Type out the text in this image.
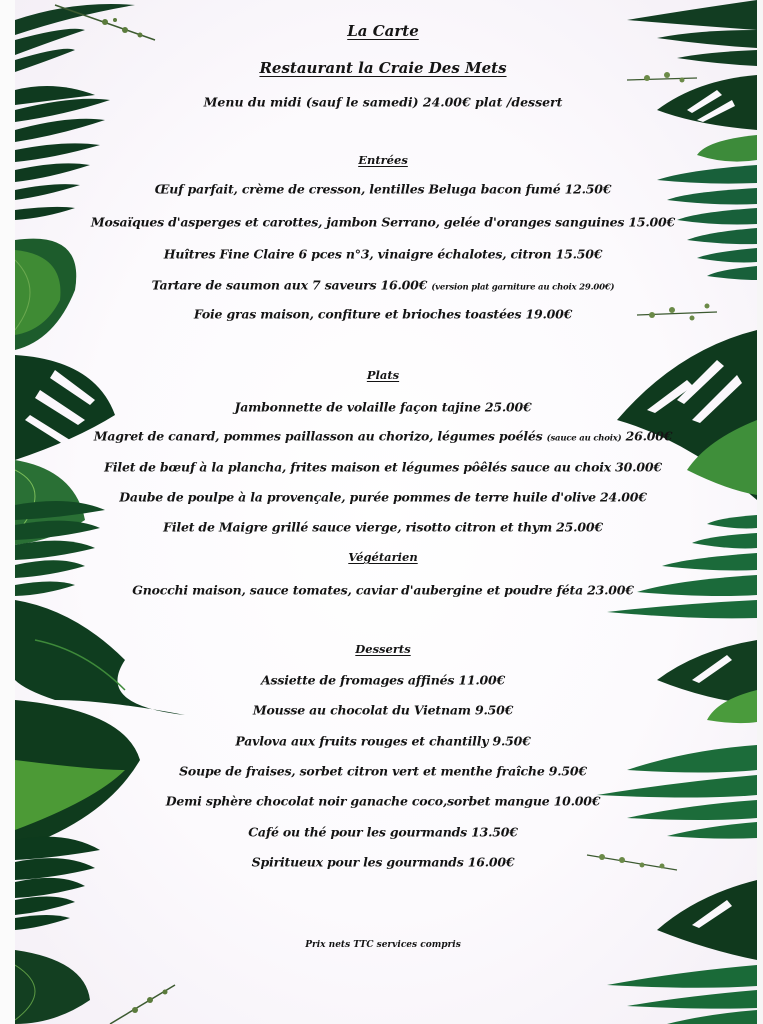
La Carte
Restaurant la Craie Des Mets
Menu du midi (sauf le samedi) 24.00€ plat /dessert
Entrées
Œuf parfait, crème de cresson, lentilles Beluga bacon fumé 12.50€
Mosaïques d'asperges et carottes, jambon Serrano, gelée d'oranges sanguines 15.00€
Huîtres Fine Claire 6 pces n°3, vinaigre échalotes, citron 15.50€
Tartare de saumon aux 7 saveurs 16.00€ (version plat garniture au choix 29.00€)
Foie gras maison, confiture et brioches toastées 19.00€
Plats
Jambonnette de volaille façon tajine 25.00€
Magret de canard, pommes paillasson au chorizo, légumes poélés (sauce au choix) 26.00€
Filet de bœuf à la plancha, frites maison et légumes pôêlés sauce au choix 30.00€
Daube de poulpe à la provençale, purée pommes de terre huile d'olive 24.00€
Filet de Maigre grillé sauce vierge, risotto citron et thym 25.00€
Végétarien
Gnocchi maison, sauce tomates, caviar d'aubergine et poudre féta 23.00€
Desserts
Assiette de fromages affinés 11.00€
Mousse au chocolat du Vietnam 9.50€
Pavlova aux fruits rouges et chantilly 9.50€
Soupe de fraises, sorbet citron vert et menthe fraîche 9.50€
Demi sphère chocolat noir ganache coco,sorbet mangue 10.00€
Café ou thé pour les gourmands 13.50€
Spiritueux pour les gourmands 16.00€
Prix nets TTC services compris
